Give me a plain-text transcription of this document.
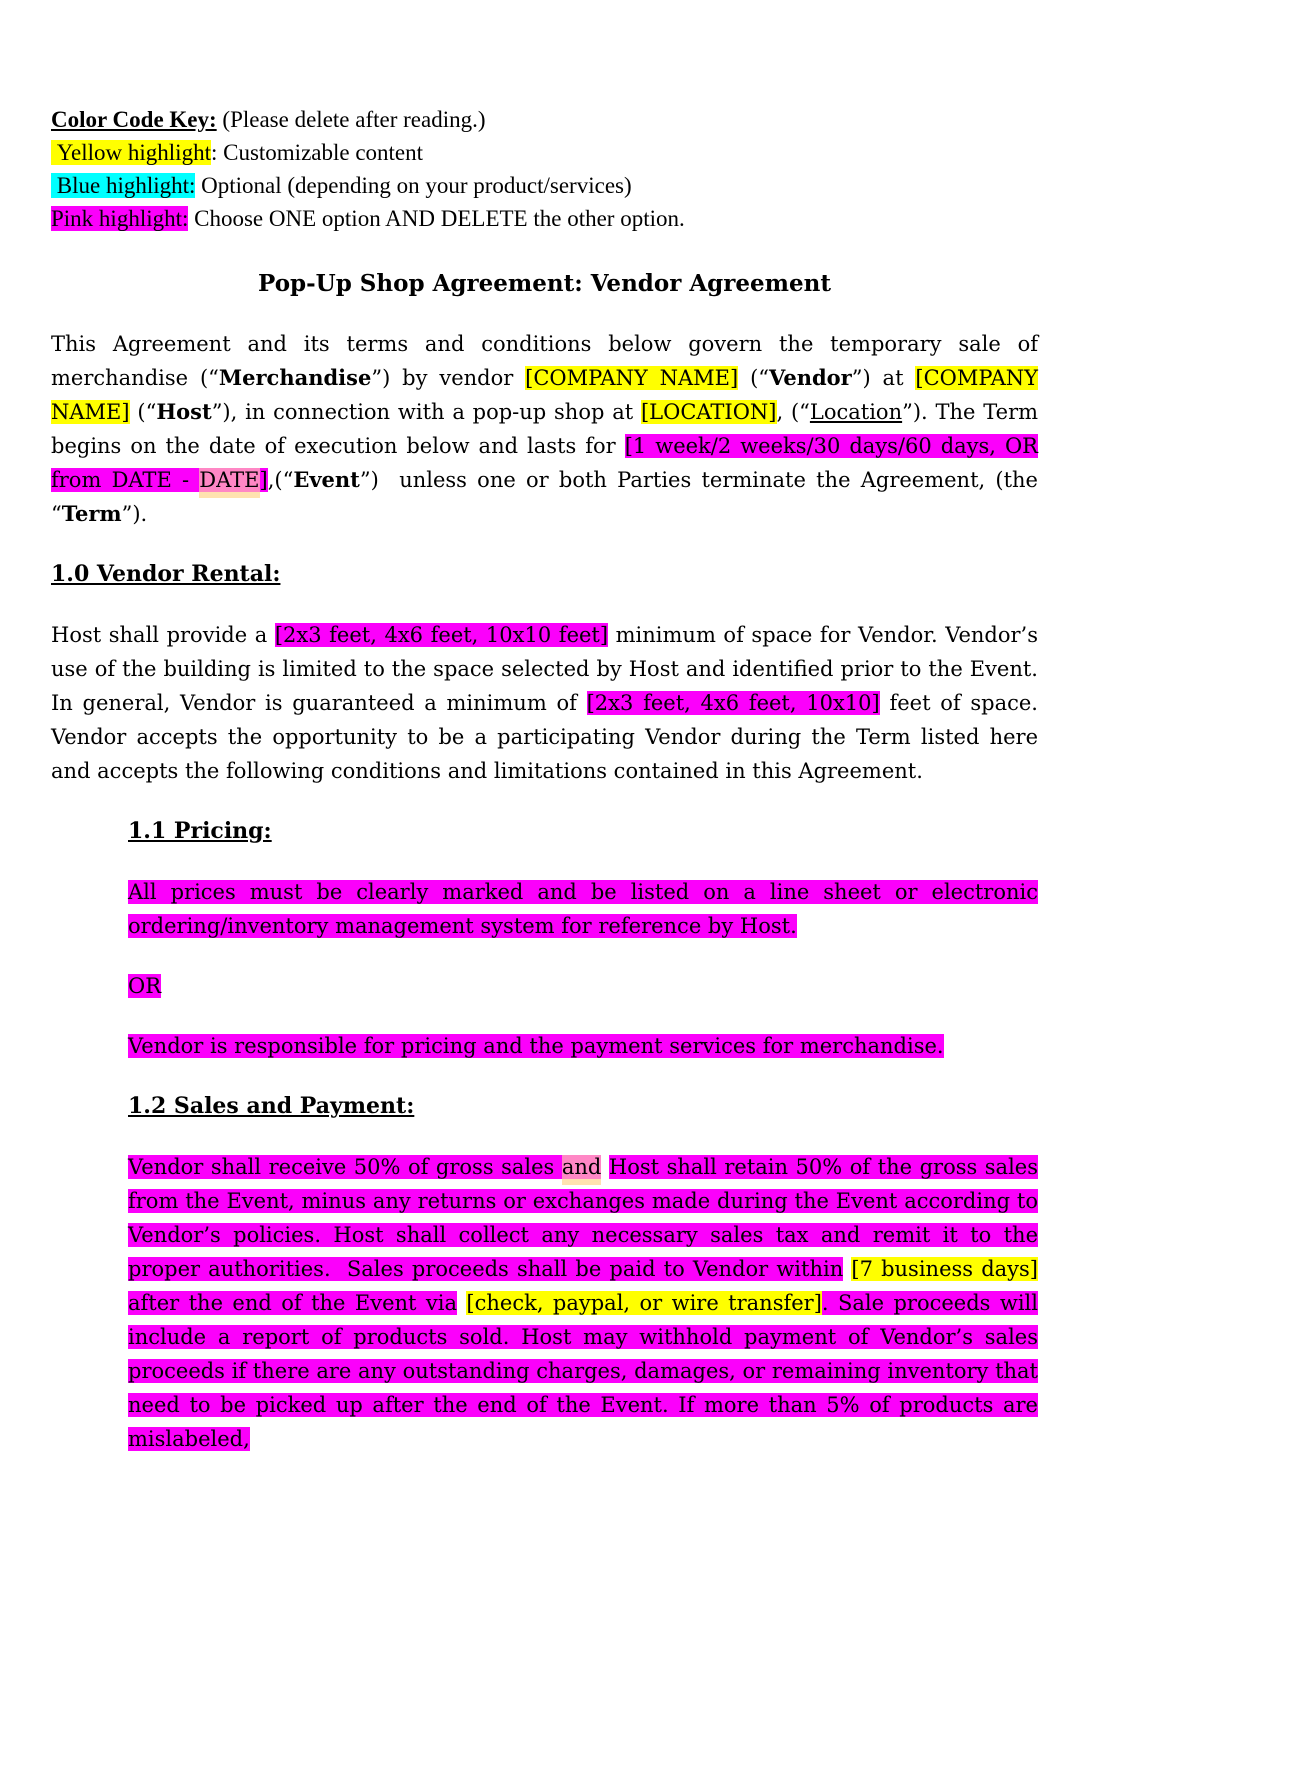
Color Code Key: (Please delete after reading.)

Yellow highlight: Customizable content

Blue highlight: Optional (depending on your product/services)

Pink highlight: Choose ONE option AND DELETE the other option.

Pop-Up Shop Agreement: Vendor Agreement

This Agreement and its terms and conditions below govern the temporary sale of merchandise (“Merchandise”) by vendor [COMPANY NAME] (“Vendor”) at [COMPANY NAME] (“Host”), in connection with a pop-up shop at [LOCATION], (“Location”). The Term begins on the date of execution below and lasts for [1 week/2 weeks/30 days/60 days, OR from DATE - DATE],(“Event”)  unless one or both Parties terminate the Agreement, (the “Term”).

1.0 Vendor Rental:

Host shall provide a [2x3 feet, 4x6 feet, 10x10 feet] minimum of space for Vendor. Vendor’s use of the building is limited to the space selected by Host and identified prior to the Event. In general, Vendor is guaranteed a minimum of [2x3 feet, 4x6 feet, 10x10] feet of space. Vendor accepts the opportunity to be a participating Vendor during the Term listed here and accepts the following conditions and limitations contained in this Agreement.

1.1 Pricing:

All prices must be clearly marked and be listed on a line sheet or electronic ordering/inventory management system for reference by Host.

OR

Vendor is responsible for pricing and the payment services for merchandise.

1.2 Sales and Payment:

Vendor shall receive 50% of gross sales and Host shall retain 50% of the gross sales from the Event, minus any returns or exchanges made during the Event according to Vendor’s policies. Host shall collect any necessary sales tax and remit it to the proper authorities.  Sales proceeds shall be paid to Vendor within [7 business days] after the end of the Event via [check, paypal, or wire transfer]. Sale proceeds will include a report of products sold. Host may withhold payment of Vendor’s sales proceeds if there are any outstanding charges, damages, or remaining inventory that need to be picked up after the end of the Event. If more than 5% of products are mislabeled,
